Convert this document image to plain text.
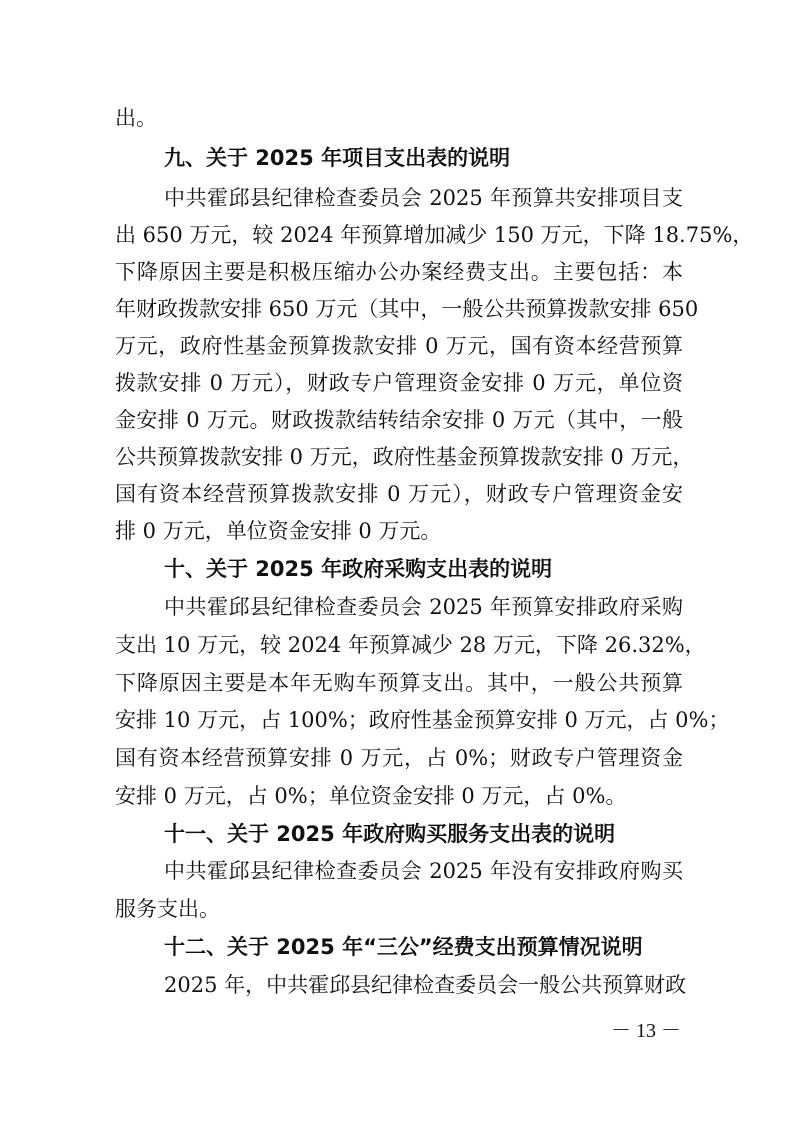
出。
九、关于 2025 年项目支出表的说明
中共霍邱县纪律检查委员会 2025 年预算共安排项目支
出 650 万元，较 2024 年预算增加减少 150 万元，下降 18.75%，
下降原因主要是积极压缩办公办案经费支出。主要包括：本
年财政拨款安排 650 万元（其中，一般公共预算拨款安排 650
万元，政府性基金预算拨款安排 0 万元，国有资本经营预算
拨款安排 0 万元），财政专户管理资金安排 0 万元，单位资
金安排 0 万元。财政拨款结转结余安排 0 万元（其中，一般
公共预算拨款安排 0 万元，政府性基金预算拨款安排 0 万元，
国有资本经营预算拨款安排 0 万元），财政专户管理资金安
排 0 万元，单位资金安排 0 万元。
十、关于 2025 年政府采购支出表的说明
中共霍邱县纪律检查委员会 2025 年预算安排政府采购
支出 10 万元，较 2024 年预算减少 28 万元，下降 26.32%，
下降原因主要是本年无购车预算支出。其中，一般公共预算
安排 10 万元，占 100%；政府性基金预算安排 0 万元，占 0%；
国有资本经营预算安排 0 万元，占 0%；财政专户管理资金
安排 0 万元，占 0%；单位资金安排 0 万元，占 0%。
十一、关于 2025 年政府购买服务支出表的说明
中共霍邱县纪律检查委员会 2025 年没有安排政府购买
服务支出。
十二、关于 2025 年“三公”经费支出预算情况说明
2025 年，中共霍邱县纪律检查委员会一般公共预算财政
－ 13 －
